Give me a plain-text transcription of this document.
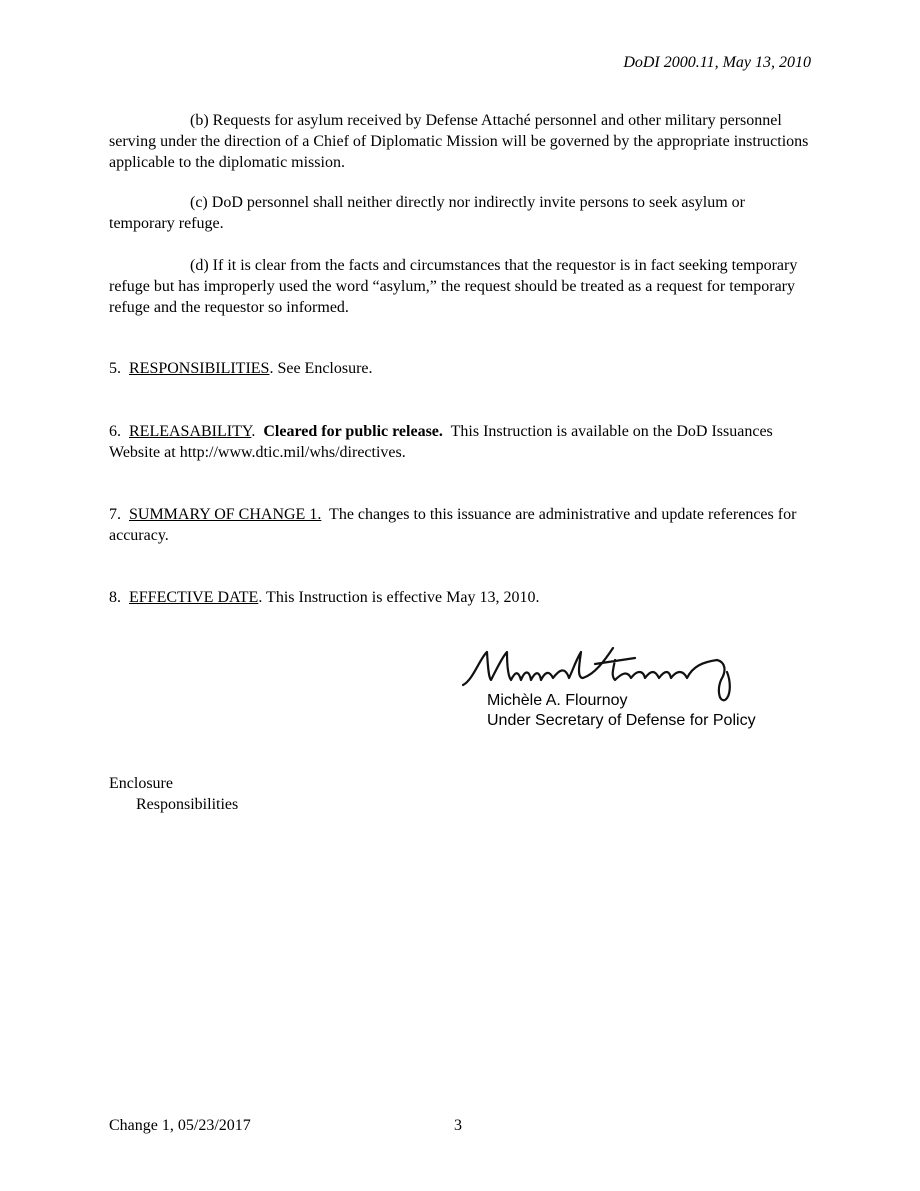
DoDI 2000.11, May 13, 2010

(b) Requests for asylum received by Defense Attaché personnel and other military personnel serving under the direction of a Chief of Diplomatic Mission will be governed by the appropriate instructions applicable to the diplomatic mission.

(c) DoD personnel shall neither directly nor indirectly invite persons to seek asylum or temporary refuge.

(d) If it is clear from the facts and circumstances that the requestor is in fact seeking temporary refuge but has improperly used the word “asylum,” the request should be treated as a request for temporary refuge and the requestor so informed.

5. RESPONSIBILITIES. See Enclosure.

6. RELEASABILITY. Cleared for public release. This Instruction is available on the DoD Issuances Website at http://www.dtic.mil/whs/directives.

7. SUMMARY OF CHANGE 1. The changes to this issuance are administrative and update references for accuracy.

8. EFFECTIVE DATE. This Instruction is effective May 13, 2010.

Michèle A. Flournoy
Under Secretary of Defense for Policy
Enclosure
Responsibilities
Change 1, 05/23/2017	3
